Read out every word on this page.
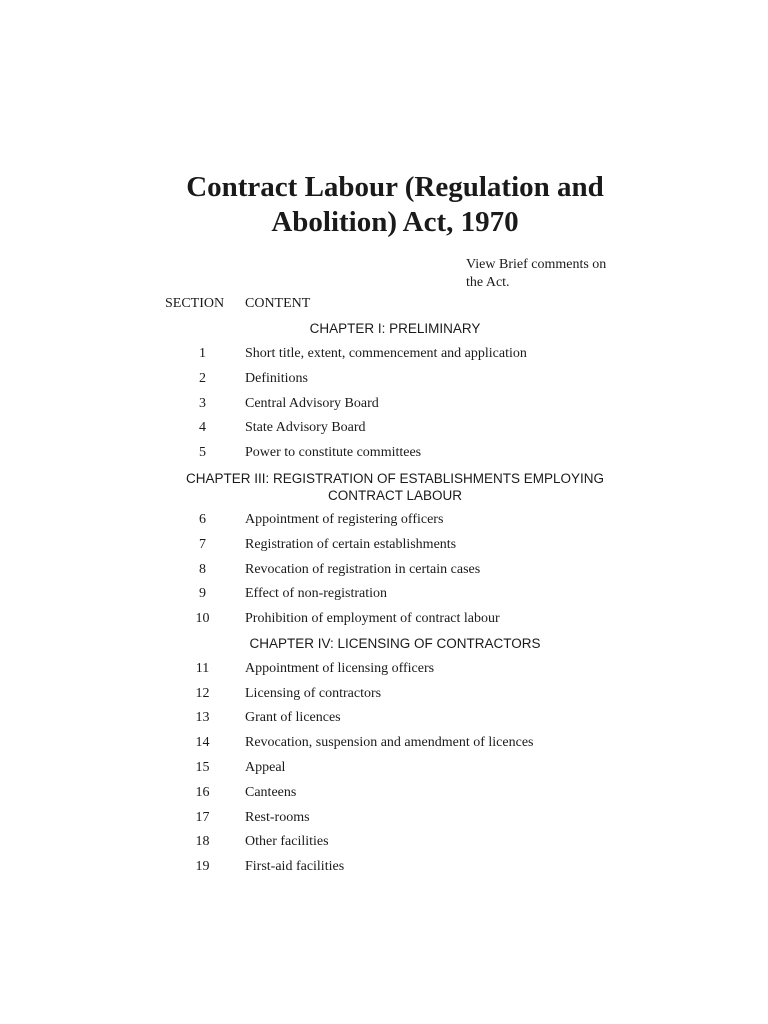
Contract Labour (Regulation and
Abolition) Act, 1970
View Brief comments on
the Act.
SECTION	CONTENT
CHAPTER I: PRELIMINARY
1	Short title, extent, commencement and application
2	Definitions
3	Central Advisory Board
4	State Advisory Board
5	Power to constitute committees
CHAPTER III: REGISTRATION OF ESTABLISHMENTS EMPLOYING
CONTRACT LABOUR
6	Appointment of registering officers
7	Registration of certain establishments
8	Revocation of registration in certain cases
9	Effect of non-registration
10	Prohibition of employment of contract labour
CHAPTER IV: LICENSING OF CONTRACTORS
11	Appointment of licensing officers
12	Licensing of contractors
13	Grant of licences
14	Revocation, suspension and amendment of licences
15	Appeal
16	Canteens
17	Rest-rooms
18	Other facilities
19	First-aid facilities
